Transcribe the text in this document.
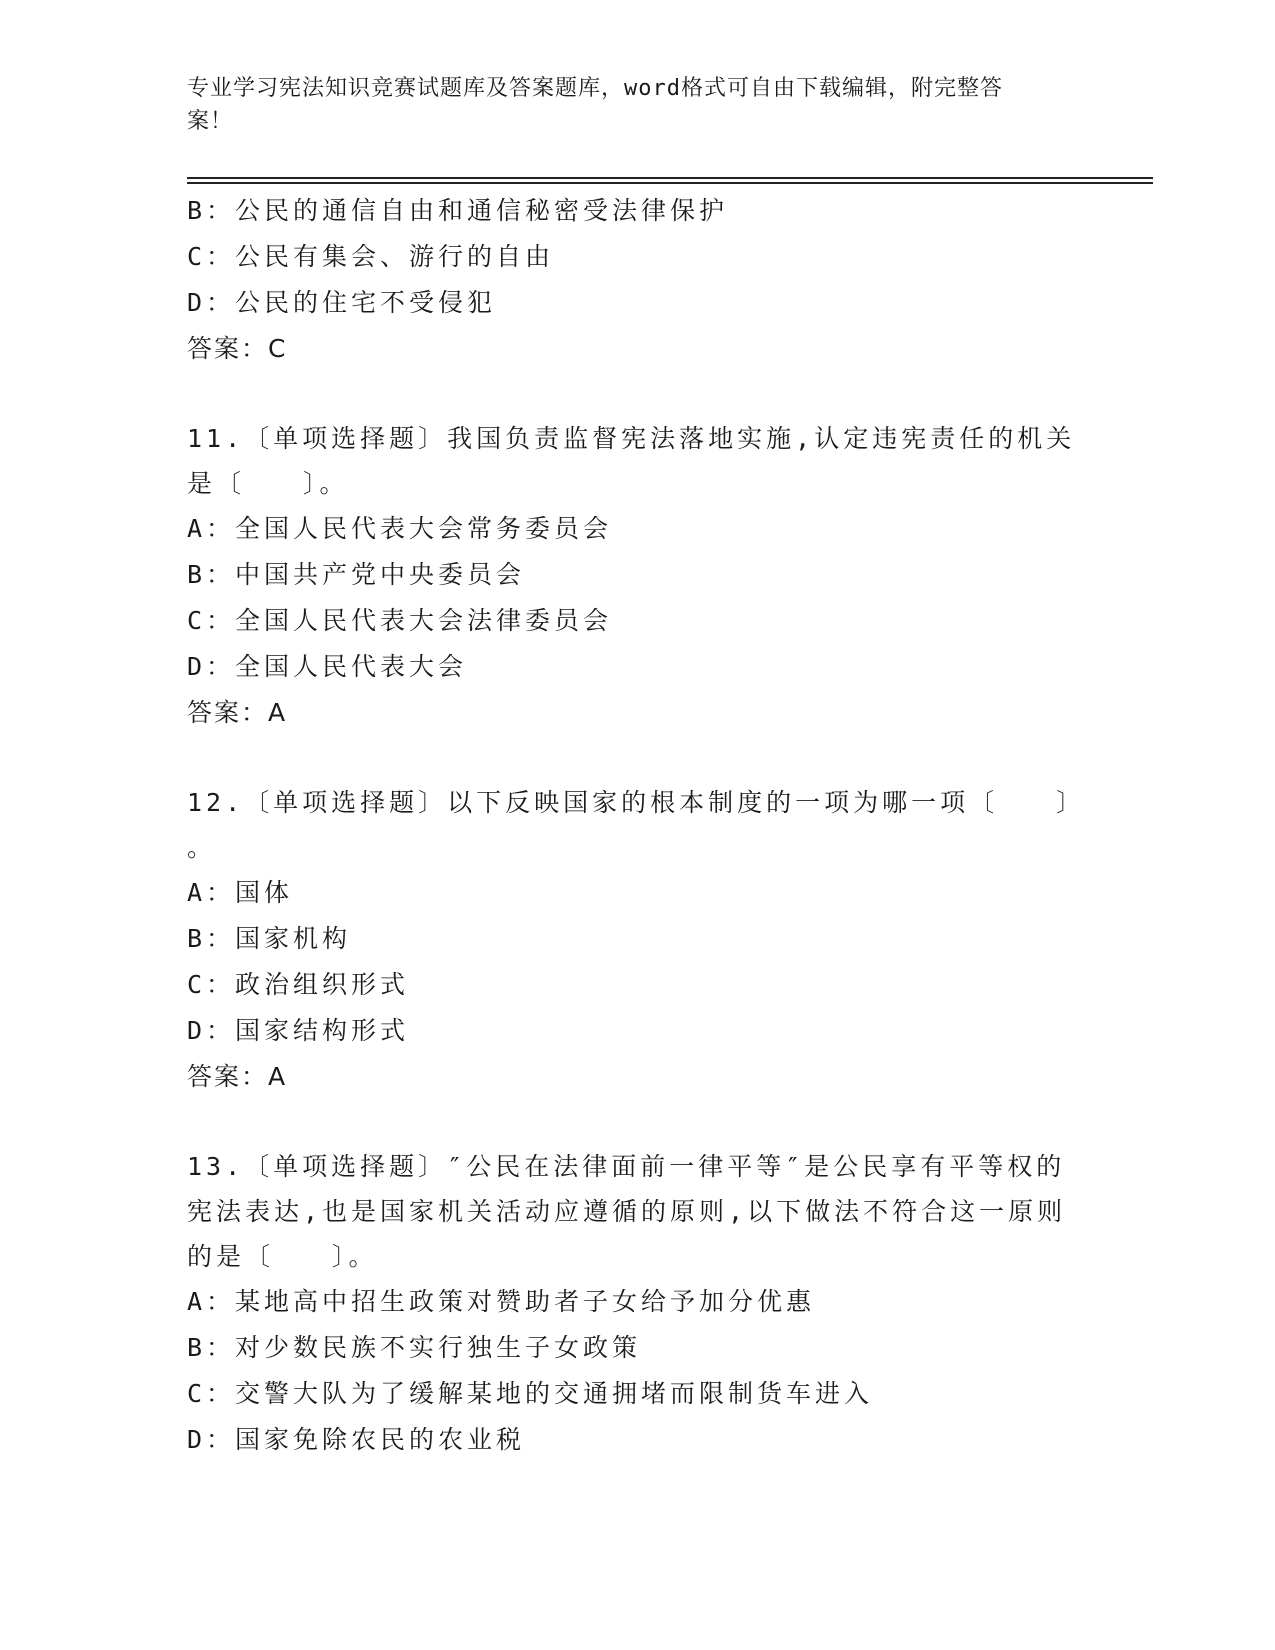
专业学习宪法知识竞赛试题库及答案题库，word格式可自由下载编辑，附完整答
案！
B：公民的通信自由和通信秘密受法律保护
C：公民有集会、游行的自由
D：公民的住宅不受侵犯
答案：C
11.〔单项选择题〕我国负责监督宪法落地实施,认定违宪责任的机关
是〔　　〕。
A：全国人民代表大会常务委员会
B：中国共产党中央委员会
C：全国人民代表大会法律委员会
D：全国人民代表大会
答案：A
12.〔单项选择题〕以下反映国家的根本制度的一项为哪一项〔　　〕
。
A：国体
B：国家机构
C：政治组织形式
D：国家结构形式
答案：A
13.〔单项选择题〕″公民在法律面前一律平等″是公民享有平等权的
宪法表达,也是国家机关活动应遵循的原则,以下做法不符合这一原则
的是〔　　〕。
A：某地高中招生政策对赞助者子女给予加分优惠
B：对少数民族不实行独生子女政策
C：交警大队为了缓解某地的交通拥堵而限制货车进入
D：国家免除农民的农业税
